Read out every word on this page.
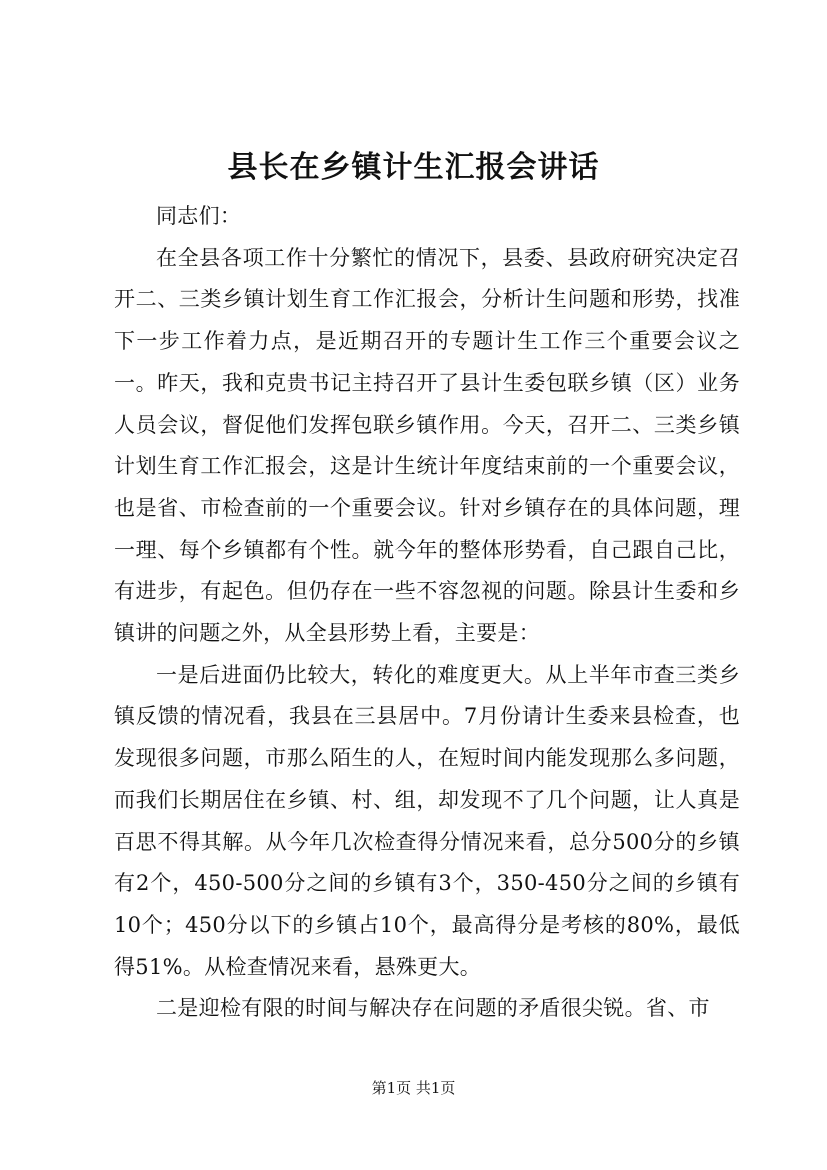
县长在乡镇计生汇报会讲话

同志们：

在全县各项工作十分繁忙的情况下，县委、县政府研究决定召开二、三类乡镇计划生育工作汇报会，分析计生问题和形势，找准下一步工作着力点，是近期召开的专题计生工作三个重要会议之一。昨天，我和克贵书记主持召开了县计生委包联乡镇（区）业务人员会议，督促他们发挥包联乡镇作用。今天，召开二、三类乡镇计划生育工作汇报会，这是计生统计年度结束前的一个重要会议，也是省、市检查前的一个重要会议。针对乡镇存在的具体问题，理一理、每个乡镇都有个性。就今年的整体形势看，自己跟自己比，有进步，有起色。但仍存在一些不容忽视的问题。除县计生委和乡镇讲的问题之外，从全县形势上看，主要是：

一是后进面仍比较大，转化的难度更大。从上半年市查三类乡镇反馈的情况看，我县在三县居中。7月份请计生委来县检查，也发现很多问题，市那么陌生的人，在短时间内能发现那么多问题，而我们长期居住在乡镇、村、组，却发现不了几个问题，让人真是百思不得其解。从今年几次检查得分情况来看，总分500分的乡镇有2个，450-500分之间的乡镇有3个，350-450分之间的乡镇有10个；450分以下的乡镇占10个，最高得分是考核的80%，最低得51%。从检查情况来看，悬殊更大。

二是迎检有限的时间与解决存在问题的矛盾很尖锐。省、市

第1页 共1页
